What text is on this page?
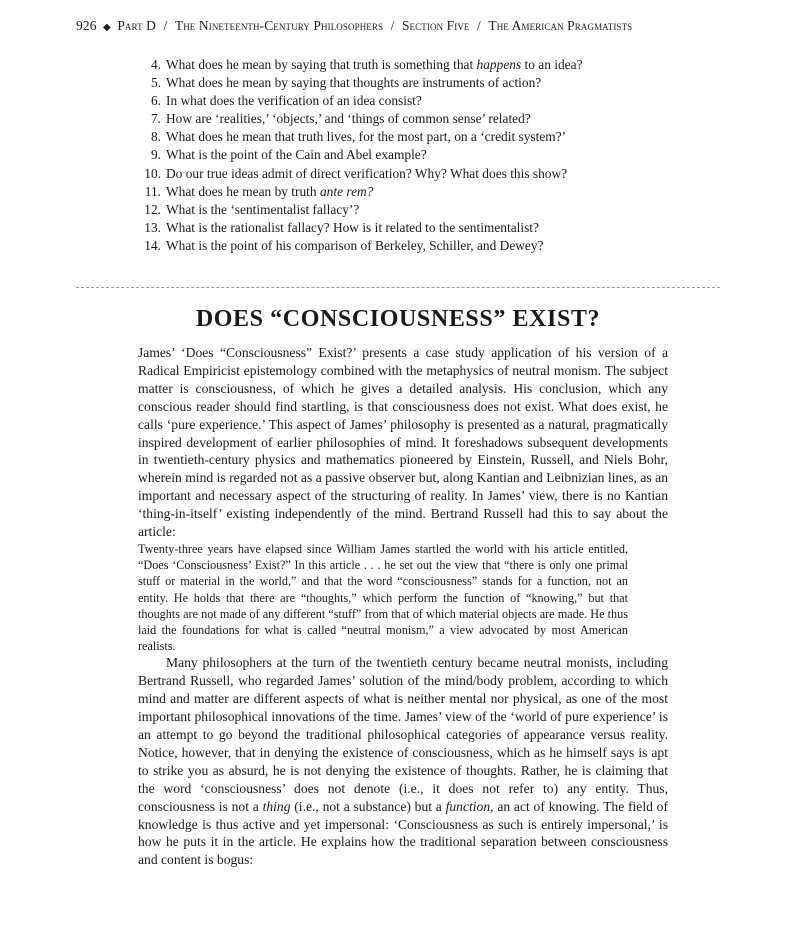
926 ◆ Part D / The Nineteenth-Century Philosophers / Section Five / The American Pragmatists
4. What does he mean by saying that truth is something that happens to an idea?
5. What does he mean by saying that thoughts are instruments of action?
6. In what does the verification of an idea consist?
7. How are ‘realities,’ ‘objects,’ and ‘things of common sense’ related?
8. What does he mean that truth lives, for the most part, on a ‘credit system?’
9. What is the point of the Cain and Abel example?
10. Do our true ideas admit of direct verification? Why? What does this show?
11. What does he mean by truth ante rem?
12. What is the ‘sentimentalist fallacy’?
13. What is the rationalist fallacy? How is it related to the sentimentalist?
14. What is the point of his comparison of Berkeley, Schiller, and Dewey?
DOES “CONSCIOUSNESS” EXIST?

James’ ‘Does “Consciousness” Exist?’ presents a case study application of his version of a Radical Empiricist epistemology combined with the metaphysics of neutral monism. The subject matter is consciousness, of which he gives a detailed analysis. His conclusion, which any conscious reader should find startling, is that consciousness does not exist. What does exist, he calls ‘pure experience.’ This aspect of James’ philosophy is presented as a natural, pragmatically inspired development of earlier philosophies of mind. It foreshadows subsequent developments in twentieth-century physics and mathematics pioneered by Einstein, Russell, and Niels Bohr, wherein mind is regarded not as a passive observer but, along Kantian and Leibnizian lines, as an important and necessary aspect of the structuring of reality. In James’ view, there is no Kantian ‘thing-in-itself’ existing independently of the mind. Bertrand Russell had this to say about the article:

Twenty-three years have elapsed since William James startled the world with his article entitled, “Does ‘Consciousness’ Exist?” In this article . . . he set out the view that “there is only one primal stuff or material in the world,” and that the word “consciousness” stands for a function, not an entity. He holds that there are “thoughts,” which perform the function of “knowing,” but that thoughts are not made of any different “stuff” from that of which material objects are made. He thus laid the foundations for what is called “neutral monism,” a view advocated by most American realists.

Many philosophers at the turn of the twentieth century became neutral monists, including Bertrand Russell, who regarded James’ solution of the mind/body problem, according to which mind and matter are different aspects of what is neither mental nor physical, as one of the most important philosophical innovations of the time. James’ view of the ‘world of pure experience’ is an attempt to go beyond the traditional philosophical categories of appearance versus reality. Notice, however, that in denying the existence of consciousness, which as he himself says is apt to strike you as absurd, he is not denying the existence of thoughts. Rather, he is claiming that the word ‘consciousness’ does not denote (i.e., it does not refer to) any entity. Thus, consciousness is not a thing (i.e., not a substance) but a function, an act of knowing. The field of knowledge is thus active and yet impersonal: ‘Consciousness as such is entirely impersonal,’ is how he puts it in the article. He explains how the traditional separation between consciousness and content is bogus:
